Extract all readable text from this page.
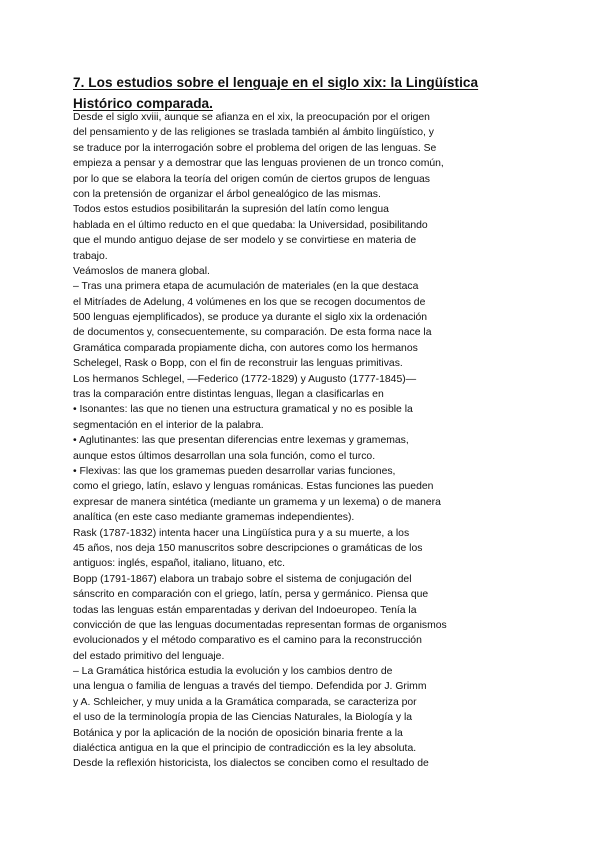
7. Los estudios sobre el lenguaje en el siglo xix: la Lingüística
Histórico comparada.
Desde el siglo xviii, aunque se afianza en el xix, la preocupación por el origen
del pensamiento y de las religiones se traslada también al ámbito lingüístico, y
se traduce por la interrogación sobre el problema del origen de las lenguas. Se
empieza a pensar y a demostrar que las lenguas provienen de un tronco común,
por lo que se elabora la teoría del origen común de ciertos grupos de lenguas
con la pretensión de organizar el árbol genealógico de las mismas.
Todos estos estudios posibilitarán la supresión del latín como lengua
hablada en el último reducto en el que quedaba: la Universidad, posibilitando
que el mundo antiguo dejase de ser modelo y se convirtiese en materia de
trabajo.
Veámoslos de manera global.
– Tras una primera etapa de acumulación de materiales (en la que destaca
el Mitríades de Adelung, 4 volúmenes en los que se recogen documentos de
500 lenguas ejemplificados), se produce ya durante el siglo xix la ordenación
de documentos y, consecuentemente, su comparación. De esta forma nace la
Gramática comparada propiamente dicha, con autores como los hermanos
Schelegel, Rask o Bopp, con el fin de reconstruir las lenguas primitivas.
Los hermanos Schlegel, —Federico (1772-1829) y Augusto (1777-1845)—
tras la comparación entre distintas lenguas, llegan a clasificarlas en
• Isonantes: las que no tienen una estructura gramatical y no es posible la
segmentación en el interior de la palabra.
• Aglutinantes: las que presentan diferencias entre lexemas y gramemas,
aunque estos últimos desarrollan una sola función, como el turco.
• Flexivas: las que los gramemas pueden desarrollar varias funciones,
como el griego, latín, eslavo y lenguas románicas. Estas funciones las pueden
expresar de manera sintética (mediante un gramema y un lexema) o de manera
analítica (en este caso mediante gramemas independientes).
Rask (1787-1832) intenta hacer una Lingüística pura y a su muerte, a los
45 años, nos deja 150 manuscritos sobre descripciones o gramáticas de los
antiguos: inglés, español, italiano, lituano, etc.
Bopp (1791-1867) elabora un trabajo sobre el sistema de conjugación del
sánscrito en comparación con el griego, latín, persa y germánico. Piensa que
todas las lenguas están emparentadas y derivan del Indoeuropeo. Tenía la
convicción de que las lenguas documentadas representan formas de organismos
evolucionados y el método comparativo es el camino para la reconstrucción
del estado primitivo del lenguaje.
– La Gramática histórica estudia la evolución y los cambios dentro de
una lengua o familia de lenguas a través del tiempo. Defendida por J. Grimm
y A. Schleicher, y muy unida a la Gramática comparada, se caracteriza por
el uso de la terminología propia de las Ciencias Naturales, la Biología y la
Botánica y por la aplicación de la noción de oposición binaria frente a la
dialéctica antigua en la que el principio de contradicción es la ley absoluta.
Desde la reflexión historicista, los dialectos se conciben como el resultado de
